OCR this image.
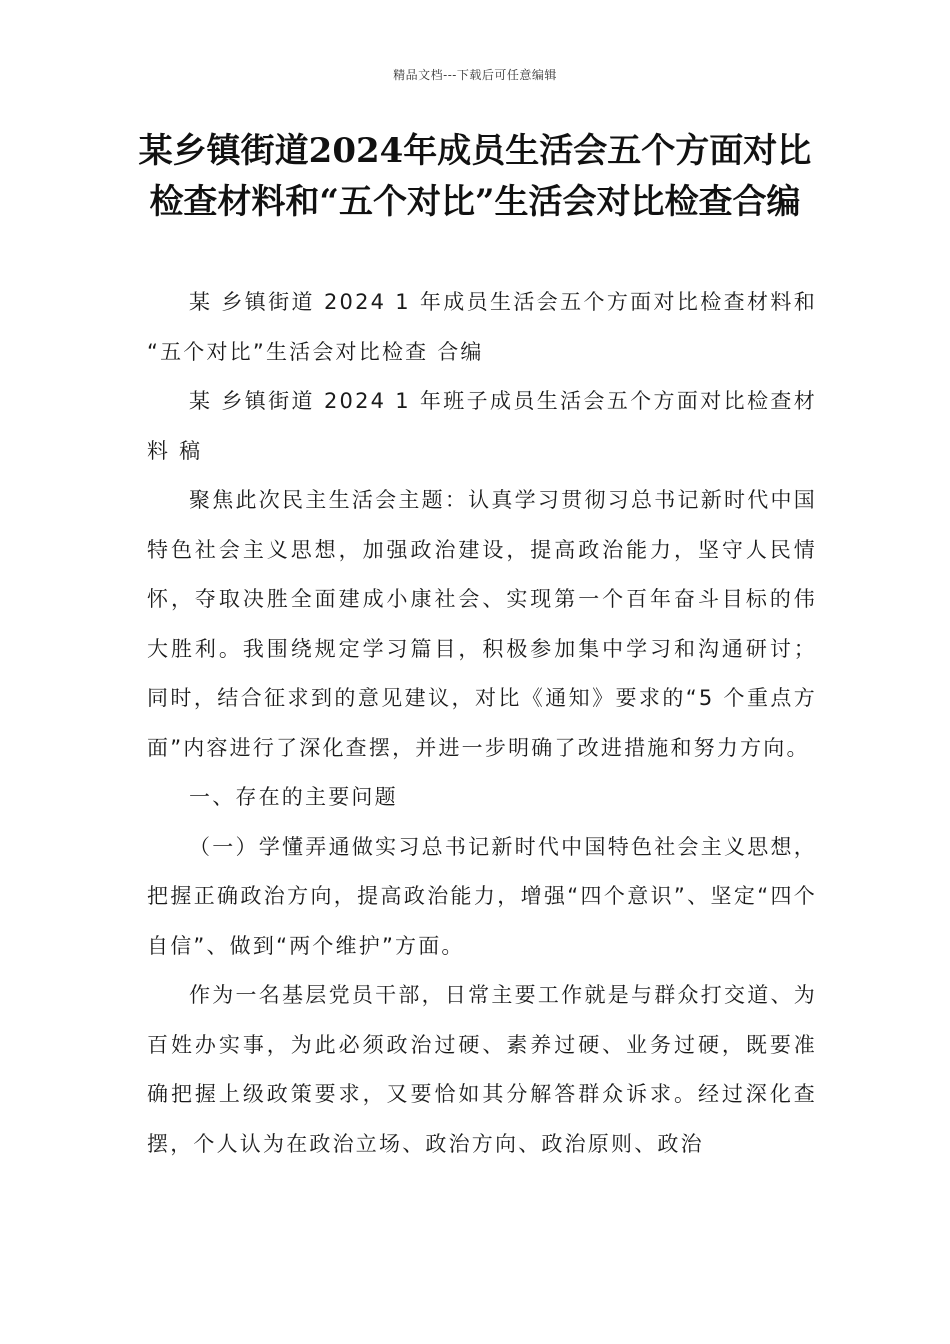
精品文档---下载后可任意编辑
某乡镇街道2024年成员生活会五个方面对比检查材料和“五个对比”生活会对比检查合编

某 乡镇街道 2024 1 年成员生活会五个方面对比检查材料和 “五个对比”生活会对比检查 合编

某 乡镇街道 2024 1 年班子成员生活会五个方面对比检查材料 稿

聚焦此次民主生活会主题：认真学习贯彻习总书记新时代中国特色社会主义思想，加强政治建设，提高政治能力，坚守人民情怀，夺取决胜全面建成小康社会、实现第一个百年奋斗目标的伟大胜利。我围绕规定学习篇目，积极参加集中学习和沟通研讨；同时，结合征求到的意见建议，对比《通知》要求的“5 个重点方面”内容进行了深化查摆，并进一步明确了改进措施和努力方向。

一、存在的主要问题

（一）学懂弄通做实习总书记新时代中国特色社会主义思想，把握正确政治方向，提高政治能力，增强“四个意识”、坚定“四个自信”、做到“两个维护”方面。

作为一名基层党员干部，日常主要工作就是与群众打交道、为百姓办实事，为此必须政治过硬、素养过硬、业务过硬，既要准确把握上级政策要求，又要恰如其分解答群众诉求。经过深化查摆，个人认为在政治立场、政治方向、政治原则、政治
